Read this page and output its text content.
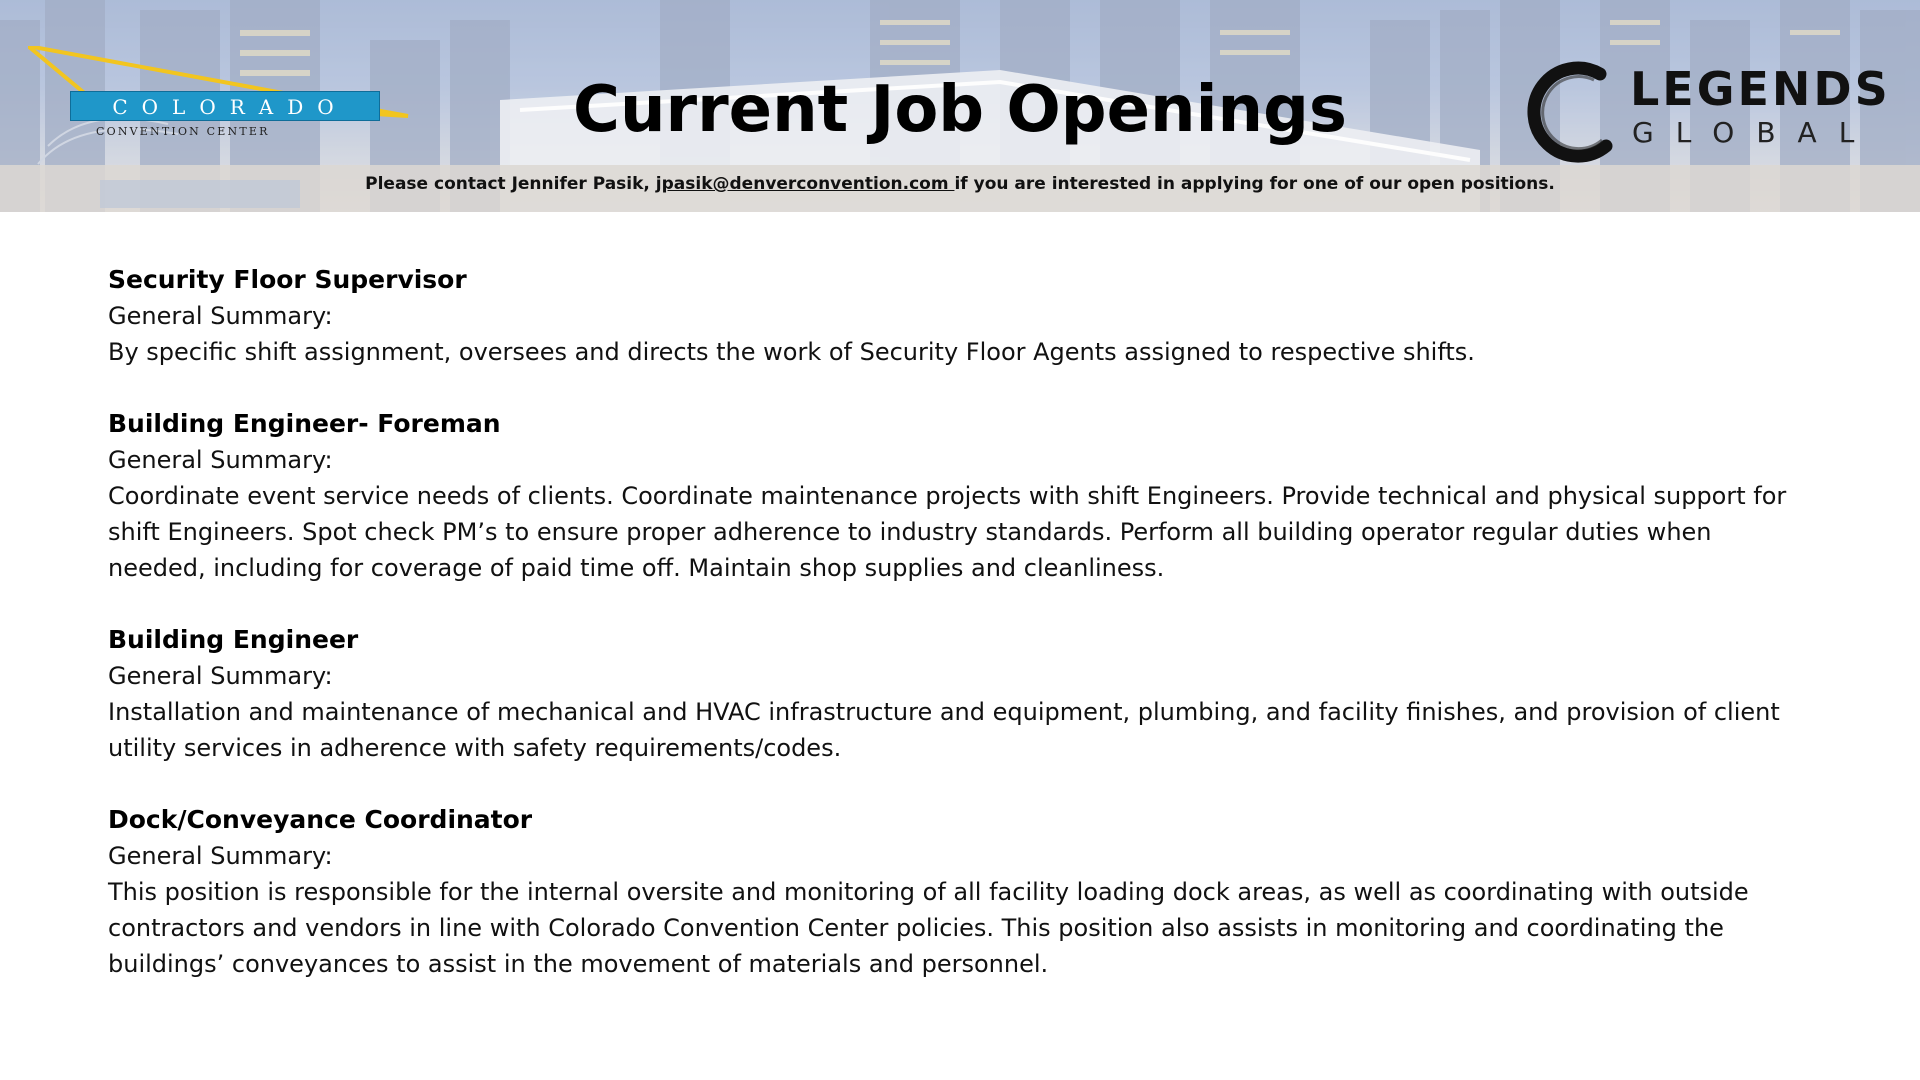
COLORADO
CONVENTION CENTER	Current Job Openings	LEGENDS
GLOBAL
Please contact Jennifer Pasik, jpasik@denverconvention.com if you are interested in applying for one of our open positions.
Security Floor Supervisor
General Summary:
By specific shift assignment, oversees and directs the work of Security Floor Agents assigned to respective shifts.
Building Engineer- Foreman
General Summary:
Coordinate event service needs of clients. Coordinate maintenance projects with shift Engineers. Provide technical and physical support for shift Engineers. Spot check PM’s to ensure proper adherence to industry standards. Perform all building operator regular duties when needed, including for coverage of paid time off. Maintain shop supplies and cleanliness.
Building Engineer
General Summary:
Installation and maintenance of mechanical and HVAC infrastructure and equipment, plumbing, and facility finishes, and provision of client utility services in adherence with safety requirements/codes.
Dock/Conveyance Coordinator
General Summary:
This position is responsible for the internal oversite and monitoring of all facility loading dock areas, as well as coordinating with outside contractors and vendors in line with Colorado Convention Center policies. This position also assists in monitoring and coordinating the buildings’ conveyances to assist in the movement of materials and personnel.
